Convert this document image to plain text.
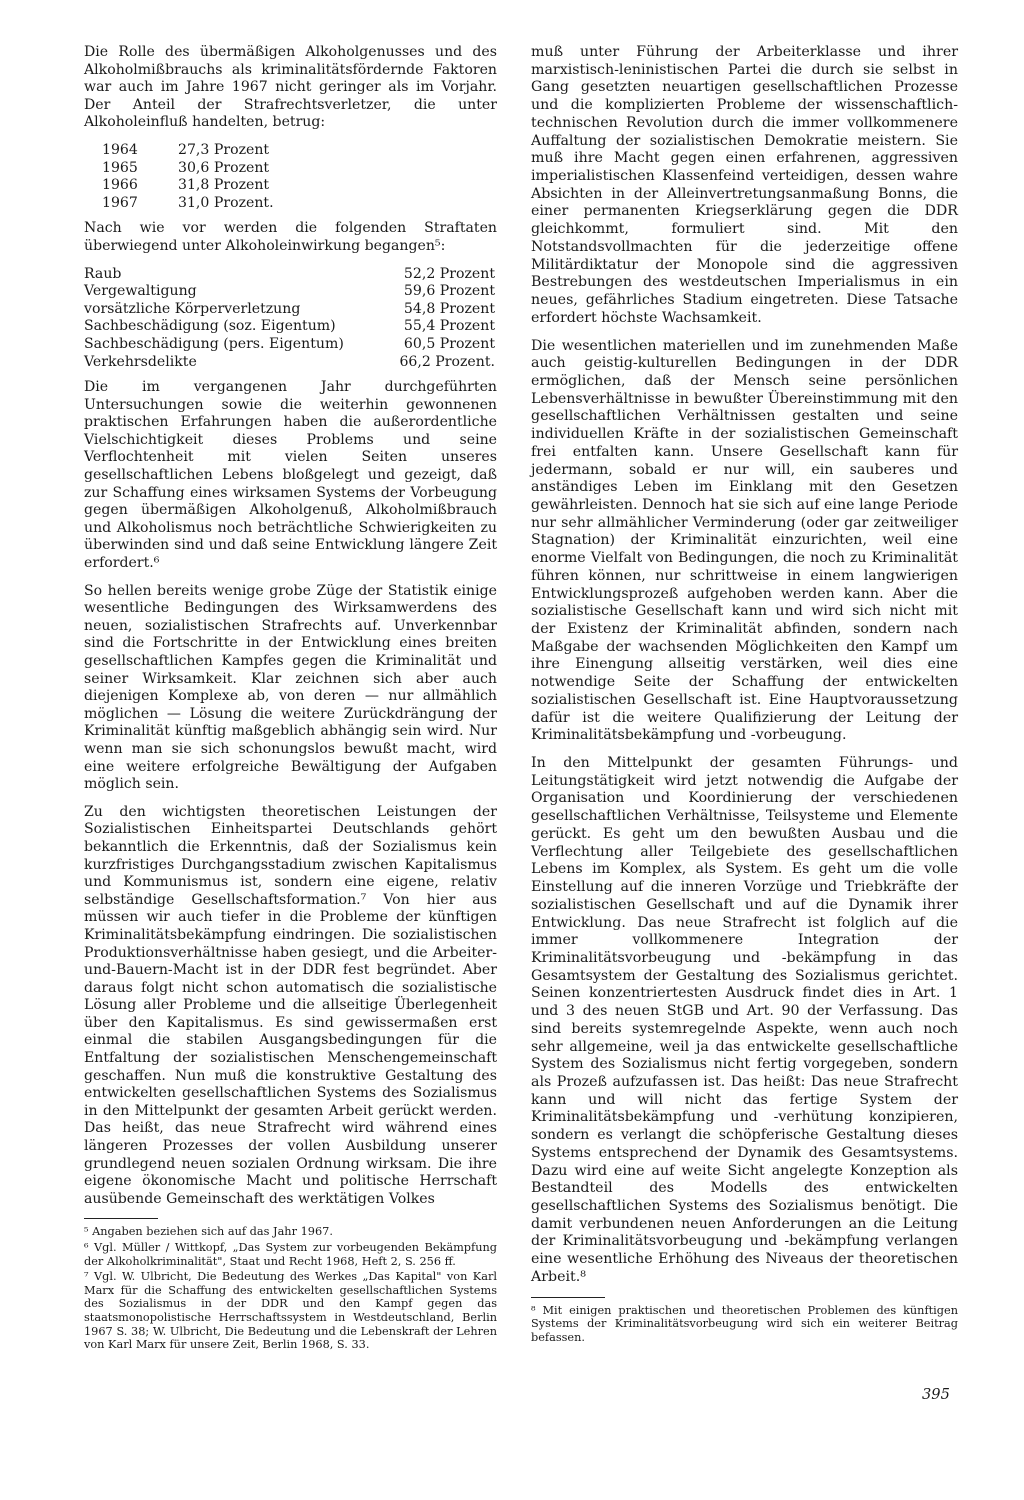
Die Rolle des übermäßigen Alkoholgenusses und des Alkoholmißbrauchs als kriminalitätsfördernde Faktoren war auch im Jahre 1967 nicht geringer als im Vorjahr. Der Anteil der Strafrechtsverletzer, die unter Alkoholeinfluß handelten, betrug:

1964	27,3 Prozent
1965	30,6 Prozent
1966	31,8 Prozent
1967	31,0 Prozent.

Nach wie vor werden die folgenden Straftaten überwiegend unter Alkoholeinwirkung begangen⁵:

Raub	52,2 Prozent
Vergewaltigung	59,6 Prozent
vorsätzliche Körperverletzung	54,8 Prozent
Sachbeschädigung (soz. Eigentum)	55,4 Prozent
Sachbeschädigung (pers. Eigentum)	60,5 Prozent
Verkehrsdelikte	66,2 Prozent.

Die im vergangenen Jahr durchgeführten Untersuchungen sowie die weiterhin gewonnenen praktischen Erfahrungen haben die außerordentliche Vielschichtigkeit dieses Problems und seine Verflochtenheit mit vielen Seiten unseres gesellschaftlichen Lebens bloßgelegt und gezeigt, daß zur Schaffung eines wirksamen Systems der Vorbeugung gegen übermäßigen Alkoholgenuß, Alkoholmißbrauch und Alkoholismus noch beträchtliche Schwierigkeiten zu überwinden sind und daß seine Entwicklung längere Zeit erfordert.⁶

So hellen bereits wenige grobe Züge der Statistik einige wesentliche Bedingungen des Wirksamwerdens des neuen, sozialistischen Strafrechts auf. Unverkennbar sind die Fortschritte in der Entwicklung eines breiten gesellschaftlichen Kampfes gegen die Kriminalität und seiner Wirksamkeit. Klar zeichnen sich aber auch diejenigen Komplexe ab, von deren — nur allmählich möglichen — Lösung die weitere Zurückdrängung der Kriminalität künftig maßgeblich abhängig sein wird. Nur wenn man sie sich schonungslos bewußt macht, wird eine weitere erfolgreiche Bewältigung der Aufgaben möglich sein.

Zu den wichtigsten theoretischen Leistungen der Sozialistischen Einheitspartei Deutschlands gehört bekanntlich die Erkenntnis, daß der Sozialismus kein kurzfristiges Durchgangsstadium zwischen Kapitalismus und Kommunismus ist, sondern eine eigene, relativ selbständige Gesellschaftsformation.⁷ Von hier aus müssen wir auch tiefer in die Probleme der künftigen Kriminalitätsbekämpfung eindringen. Die sozialistischen Produktionsverhältnisse haben gesiegt, und die Arbeiter-und-Bauern-Macht ist in der DDR fest begründet. Aber daraus folgt nicht schon automatisch die sozialistische Lösung aller Probleme und die allseitige Überlegenheit über den Kapitalismus. Es sind gewissermaßen erst einmal die stabilen Ausgangsbedingungen für die Entfaltung der sozialistischen Menschengemeinschaft geschaffen. Nun muß die konstruktive Gestaltung des entwickelten gesellschaftlichen Systems des Sozialismus in den Mittelpunkt der gesamten Arbeit gerückt werden. Das heißt, das neue Strafrecht wird während eines längeren Prozesses der vollen Ausbildung unserer grundlegend neuen sozialen Ordnung wirksam. Die ihre eigene ökonomische Macht und politische Herrschaft ausübende Gemeinschaft des werktätigen Volkes

⁵ Angaben beziehen sich auf das Jahr 1967.

⁶ Vgl. Müller / Wittkopf, „Das System zur vorbeugenden Bekämpfung der Alkoholkriminalität", Staat und Recht 1968, Heft 2, S. 256 ff.

⁷ Vgl. W. Ulbricht, Die Bedeutung des Werkes „Das Kapital" von Karl Marx für die Schaffung des entwickelten gesellschaftlichen Systems des Sozialismus in der DDR und den Kampf gegen das staatsmonopolistische Herrschaftssystem in Westdeutschland, Berlin 1967 S. 38; W. Ulbricht, Die Bedeutung und die Lebenskraft der Lehren von Karl Marx für unsere Zeit, Berlin 1968, S. 33.

muß unter Führung der Arbeiterklasse und ihrer marxistisch-leninistischen Partei die durch sie selbst in Gang gesetzten neuartigen gesellschaftlichen Prozesse und die komplizierten Probleme der wissenschaftlich-technischen Revolution durch die immer vollkommenere Auffaltung der sozialistischen Demokratie meistern. Sie muß ihre Macht gegen einen erfahrenen, aggressiven imperialistischen Klassenfeind verteidigen, dessen wahre Absichten in der Alleinvertretungsanmaßung Bonns, die einer permanenten Kriegserklärung gegen die DDR gleichkommt, formuliert sind. Mit den Notstandsvollmachten für die jederzeitige offene Militärdiktatur der Monopole sind die aggressiven Bestrebungen des westdeutschen Imperialismus in ein neues, gefährliches Stadium eingetreten. Diese Tatsache erfordert höchste Wachsamkeit.

Die wesentlichen materiellen und im zunehmenden Maße auch geistig-kulturellen Bedingungen in der DDR ermöglichen, daß der Mensch seine persönlichen Lebensverhältnisse in bewußter Übereinstimmung mit den gesellschaftlichen Verhältnissen gestalten und seine individuellen Kräfte in der sozialistischen Gemeinschaft frei entfalten kann. Unsere Gesellschaft kann für jedermann, sobald er nur will, ein sauberes und anständiges Leben im Einklang mit den Gesetzen gewährleisten. Dennoch hat sie sich auf eine lange Periode nur sehr allmählicher Verminderung (oder gar zeitweiliger Stagnation) der Kriminalität einzurichten, weil eine enorme Vielfalt von Bedingungen, die noch zu Kriminalität führen können, nur schrittweise in einem langwierigen Entwicklungsprozeß aufgehoben werden kann. Aber die sozialistische Gesellschaft kann und wird sich nicht mit der Existenz der Kriminalität abfinden, sondern nach Maßgabe der wachsenden Möglichkeiten den Kampf um ihre Einengung allseitig verstärken, weil dies eine notwendige Seite der Schaffung der entwickelten sozialistischen Gesellschaft ist. Eine Hauptvoraussetzung dafür ist die weitere Qualifizierung der Leitung der Kriminalitätsbekämpfung und -vorbeugung.

In den Mittelpunkt der gesamten Führungs- und Leitungstätigkeit wird jetzt notwendig die Aufgabe der Organisation und Koordinierung der verschiedenen gesellschaftlichen Verhältnisse, Teilsysteme und Elemente gerückt. Es geht um den bewußten Ausbau und die Verflechtung aller Teilgebiete des gesellschaftlichen Lebens im Komplex, als System. Es geht um die volle Einstellung auf die inneren Vorzüge und Triebkräfte der sozialistischen Gesellschaft und auf die Dynamik ihrer Entwicklung. Das neue Strafrecht ist folglich auf die immer vollkommenere Integration der Kriminalitätsvorbeugung und -bekämpfung in das Gesamtsystem der Gestaltung des Sozialismus gerichtet. Seinen konzentriertesten Ausdruck findet dies in Art. 1 und 3 des neuen StGB und Art. 90 der Verfassung. Das sind bereits systemregelnde Aspekte, wenn auch noch sehr allgemeine, weil ja das entwickelte gesellschaftliche System des Sozialismus nicht fertig vorgegeben, sondern als Prozeß aufzufassen ist. Das heißt: Das neue Strafrecht kann und will nicht das fertige System der Kriminalitätsbekämpfung und -verhütung konzipieren, sondern es verlangt die schöpferische Gestaltung dieses Systems entsprechend der Dynamik des Gesamtsystems. Dazu wird eine auf weite Sicht angelegte Konzeption als Bestandteil des Modells des entwickelten gesellschaftlichen Systems des Sozialismus benötigt. Die damit verbundenen neuen Anforderungen an die Leitung der Kriminalitätsvorbeugung und -bekämpfung verlangen eine wesentliche Erhöhung des Niveaus der theoretischen Arbeit.⁸

⁸ Mit einigen praktischen und theoretischen Problemen des künftigen Systems der Kriminalitätsvorbeugung wird sich ein weiterer Beitrag befassen.

395
